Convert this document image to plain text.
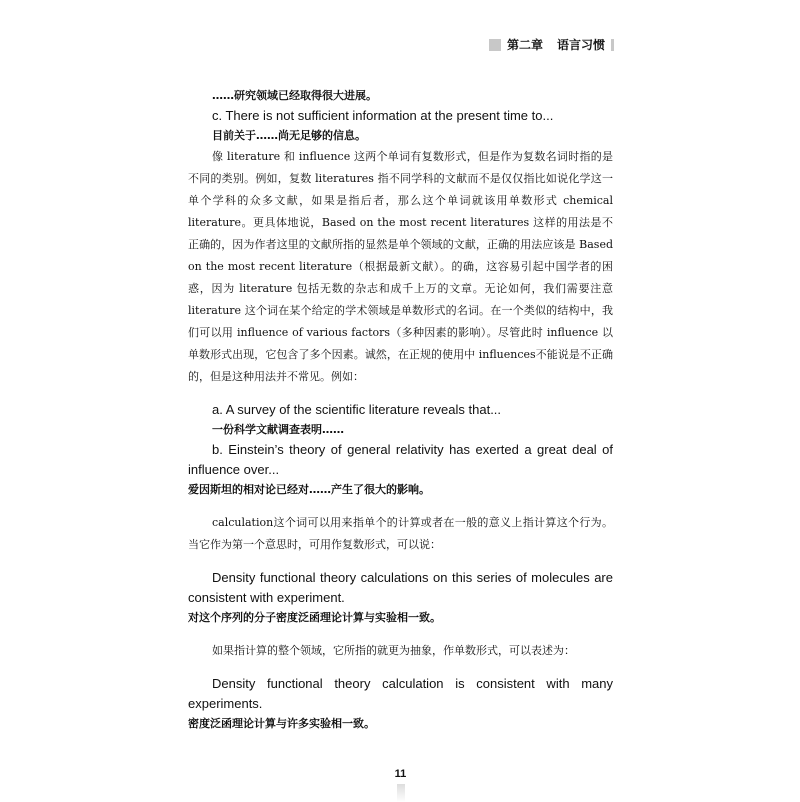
第二章 语言习惯
……研究领域已经取得很大进展。
c. There is not sufficient information at the present time to...
目前关于……尚无足够的信息。

像 literature 和 influence 这两个单词有复数形式，但是作为复数名词时指的是不同的类别。例如，复数 literatures 指不同学科的文献而不是仅仅指比如说化学这一单个学科的众多文献，如果是指后者，那么这个单词就该用单数形式 chemical literature。更具体地说，Based on the most recent literatures 这样的用法是不正确的，因为作者这里的文献所指的显然是单个领域的文献，正确的用法应该是 Based on the most recent literature（根据最新文献）。的确，这容易引起中国学者的困惑，因为 literature 包括无数的杂志和成千上万的文章。无论如何，我们需要注意 literature 这个词在某个给定的学术领域是单数形式的名词。在一个类似的结构中，我们可以用 influence of various factors（多种因素的影响）。尽管此时 influence 以单数形式出现，它包含了多个因素。诚然，在正规的使用中 influences不能说是不正确的，但是这种用法并不常见。例如：

a. A survey of the scientific literature reveals that...
一份科学文献调查表明……
b. Einstein’s theory of general relativity has exerted a great deal of influence over...
爱因斯坦的相对论已经对……产生了很大的影响。

calculation这个词可以用来指单个的计算或者在一般的意义上指计算这个行为。当它作为第一个意思时，可用作复数形式，可以说：

Density functional theory calculations on this series of molecules are consistent with experiment.
对这个序列的分子密度泛函理论计算与实验相一致。

如果指计算的整个领域，它所指的就更为抽象，作单数形式，可以表述为：

Density functional theory calculation is consistent with many experiments.
密度泛函理论计算与许多实验相一致。
11
